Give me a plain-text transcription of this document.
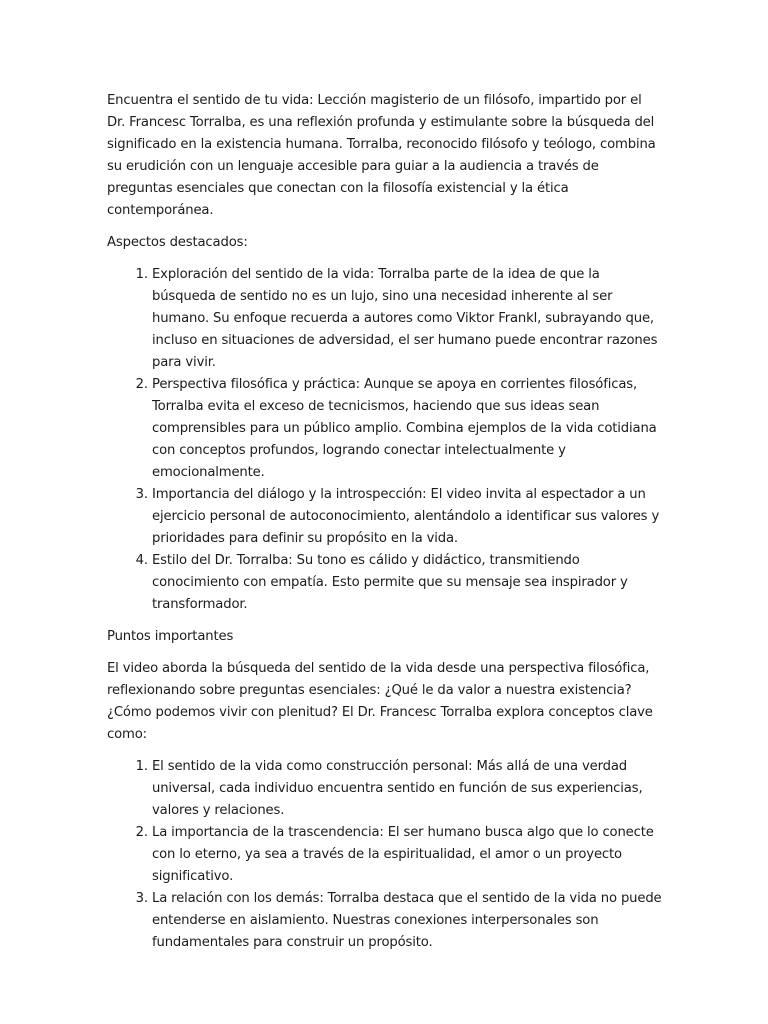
Encuentra el sentido de tu vida: Lección magisterio de un filósofo, impartido por el Dr. Francesc Torralba, es una reflexión profunda y estimulante sobre la búsqueda del significado en la existencia humana. Torralba, reconocido filósofo y teólogo, combina su erudición con un lenguaje accesible para guiar a la audiencia a través de preguntas esenciales que conectan con la filosofía existencial y la ética contemporánea.

Aspectos destacados:

1. Exploración del sentido de la vida: Torralba parte de la idea de que la búsqueda de sentido no es un lujo, sino una necesidad inherente al ser humano. Su enfoque recuerda a autores como Viktor Frankl, subrayando que, incluso en situaciones de adversidad, el ser humano puede encontrar razones para vivir.
2. Perspectiva filosófica y práctica: Aunque se apoya en corrientes filosóficas, Torralba evita el exceso de tecnicismos, haciendo que sus ideas sean comprensibles para un público amplio. Combina ejemplos de la vida cotidiana con conceptos profundos, logrando conectar intelectualmente y emocionalmente.
3. Importancia del diálogo y la introspección: El video invita al espectador a un ejercicio personal de autoconocimiento, alentándolo a identificar sus valores y prioridades para definir su propósito en la vida.
4. Estilo del Dr. Torralba: Su tono es cálido y didáctico, transmitiendo conocimiento con empatía. Esto permite que su mensaje sea inspirador y transformador.

Puntos importantes

El video aborda la búsqueda del sentido de la vida desde una perspectiva filosófica, reflexionando sobre preguntas esenciales: ¿Qué le da valor a nuestra existencia? ¿Cómo podemos vivir con plenitud? El Dr. Francesc Torralba explora conceptos clave como:

1. El sentido de la vida como construcción personal: Más allá de una verdad universal, cada individuo encuentra sentido en función de sus experiencias, valores y relaciones.
2. La importancia de la trascendencia: El ser humano busca algo que lo conecte con lo eterno, ya sea a través de la espiritualidad, el amor o un proyecto significativo.
3. La relación con los demás: Torralba destaca que el sentido de la vida no puede entenderse en aislamiento. Nuestras conexiones interpersonales son fundamentales para construir un propósito.
